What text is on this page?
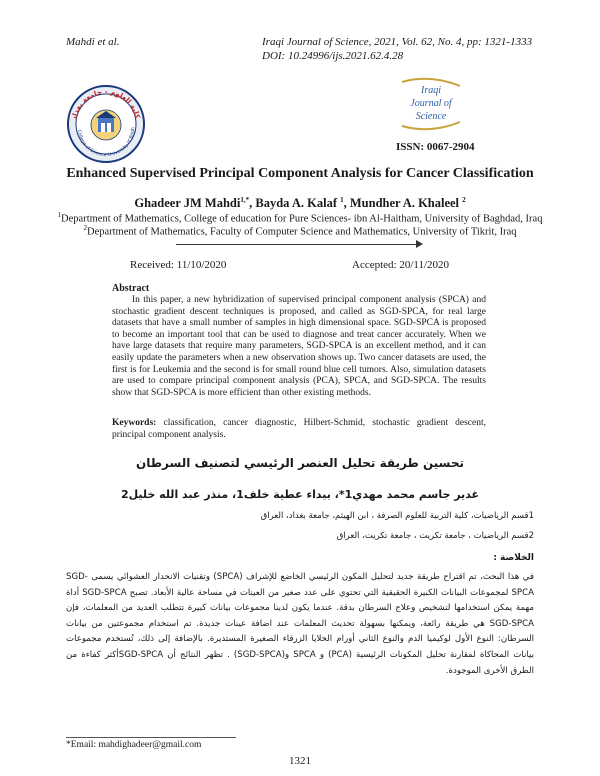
Mahdi et al.	Iraqi Journal of Science, 2021, Vol. 62, No. 4, pp: 1321-1333
DOI: 10.24996/ijs.2021.62.4.28
كلية العلوم - جامعة بغداد
College of Science-University of Bagh
Iraqi
Journal of
Science
ISSN: 0067-2904
Enhanced Supervised Principal Component Analysis for Cancer Classification
Ghadeer JM Mahdi$^{1,*}$, Bayda A. Kalaf $^1$, Mundher A. Khaleel $^2$
$^1$Department of Mathematics, College of education for Pure Sciences- ibn Al-Haitham, University of Baghdad, Iraq
$^2$Department of Mathematics, Faculty of Computer Science and Mathematics, University of Tikrit, Iraq
Received: 11/10/2020	Accepted: 20/11/2020
Abstract
In this paper, a new hybridization of supervised principal component analysis (SPCA) and stochastic gradient descent techniques is proposed, and called as SGD-SPCA, for real large datasets that have a small number of samples in high dimensional space. SGD-SPCA is proposed to become an important tool that can be used to diagnose and treat cancer accurately. When we have large datasets that require many parameters, SGD-SPCA is an excellent method, and it can easily update the parameters when a new observation shows up. Two cancer datasets are used, the first is for Leukemia and the second is for small round blue cell tumors. Also, simulation datasets are used to compare principal component analysis (PCA), SPCA, and SGD-SPCA. The results show that SGD-SPCA is more efficient than other existing methods.
Keywords: classification, cancer diagnostic, Hilbert-Schmid, stochastic gradient descent, principal component analysis.
تحسين طريقة تحليل العنصر الرئيسي لتصنيف السرطان
غدير جاسم محمد مهدي1*، بيداء عطية خلف1، منذر عبد الله خليل2
1قسم الرياضيات، كلية التربية للعلوم الصرفة ، ابن الهيثم، جامعة بغداد، العراق
2قسم الرياضيات ، جامعة تكريت ، جامعة تكريت، العراق
الخلاصة :
في هذا البحث، تم اقتراح طريقة جديد لتحليل المكون الرئيسي الخاضع للإشراف (SPCA) وتقنيات الانحدار العشوائي يسمى SGD-SPCA لمجموعات البيانات الكبيرة الحقيقية التي تحتوي على عدد صغير من العينات في مساحة عالية الأبعاد. تصبح SGD-SPCA أداة مهمة يمكن استخدامها لتشخيص وعلاج السرطان بدقة. عندما يكون لدينا مجموعات بيانات كبيرة تتطلب العديد من المعلمات، فإن SGD-SPCA هي طريقة رائعة، ويمكنها بسهولة تحديث المعلمات عند اضافة عينات جديدة. تم استخدام مجموعتين من بيانات السرطان: النوع الأول لوكيميا الدم والنوع الثاني أورام الخلايا الزرقاء الصغيرة المستديرة. بالإضافة إلى ذلك، تُستخدم مجموعات بيانات المحاكاة لمقارنة تحليل المكونات الرئيسية (PCA) و SPCA و(SGD-SPCA) . تظهر النتائج أن SGD-SPCAأكثر كفاءة من الطرق الأخرى الموجودة.
*Email: mahdighadeer@gmail.com
1321
